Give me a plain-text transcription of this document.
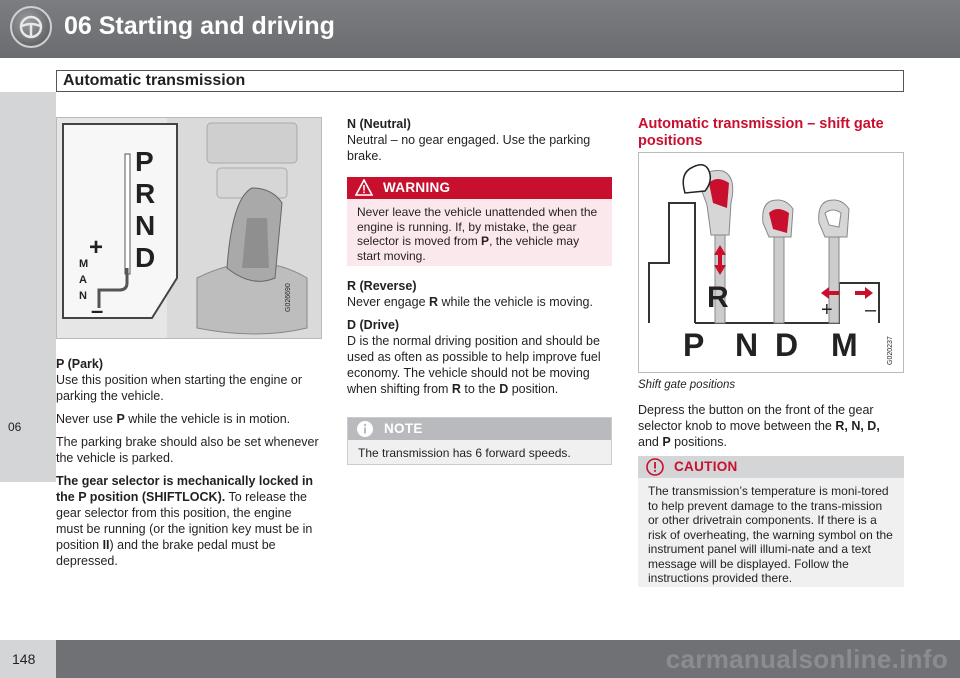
06 Starting and driving
Automatic transmission
06
P
R
N
D
+
M
A
N
–	G026690
P (Park)

Use this position when starting the engine or parking the vehicle.

Never use P while the vehicle is in motion.

The parking brake should also be set whenever the vehicle is parked.

The gear selector is mechanically locked in the P position (SHIFTLOCK). To release the gear selector from this position, the engine must be running (or the ignition key must be in position II) and the brake pedal must be depressed.

N (Neutral)

Neutral – no gear engaged. Use the parking brake.

WARNING
Never leave the vehicle unattended when the engine is running. If, by mistake, the gear selector is moved from P, the vehicle may start moving.
R (Reverse)

Never engage R while the vehicle is moving.

D (Drive)

D is the normal driving position and should be used as often as possible to help improve fuel economy. The vehicle should not be moving when shifting from R to the D position.

NOTE
The transmission has 6 forward speeds.
Automatic transmission – shift gate positions
R	+ –
P N D M	G020237

Shift gate positions

Depress the button on the front of the gear selector knob to move between the R, N, D, and P positions.

CAUTION
The transmission’s temperature is moni-tored to help prevent damage to the trans-mission or other drivetrain components. If there is a risk of overheating, the warning symbol on the instrument panel will illumi-nate and a text message will be displayed. Follow the instructions provided there.
148	carmanualsonline.info
